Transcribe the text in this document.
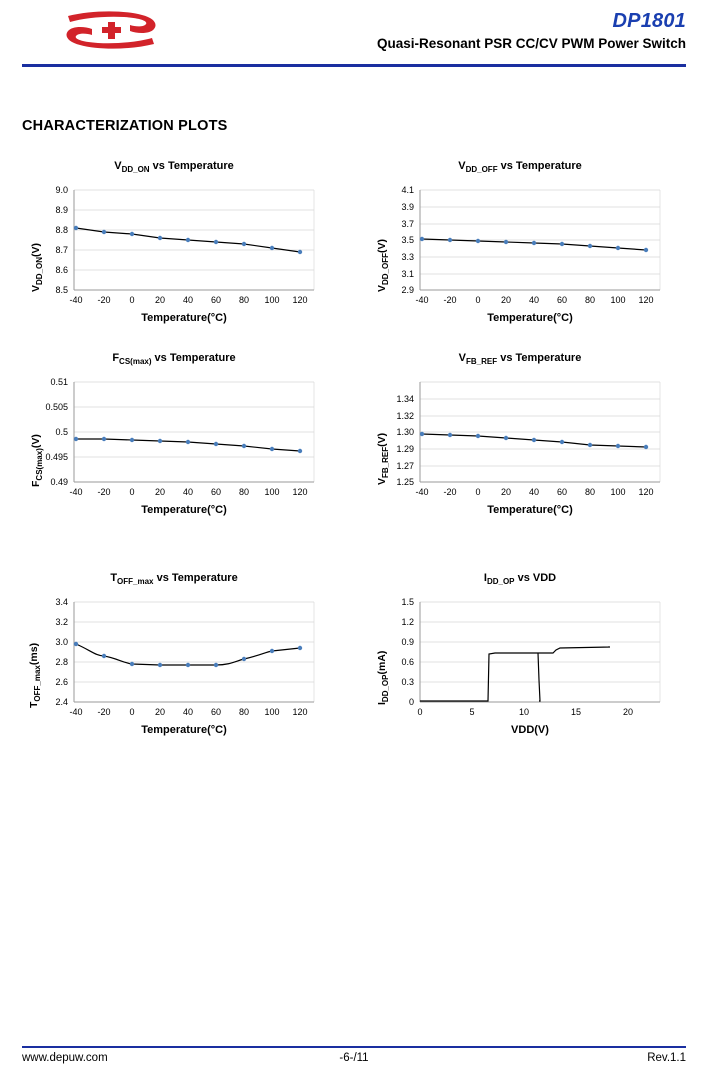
DP1801
Quasi-Resonant PSR CC/CV PWM Power Switch
CHARACTERIZATION PLOTS
$V_{DD\_ON}$ vs Temperature
$V_{DD\_ON}(V)$
8.5
8.6
8.7
8.8
8.9
9.0
-40 -20 0 20 40 60 80 100 120
Temperature(°C)
$V_{DD\_OFF}$ vs Temperature
$V_{DD\_OFF}(V)$
2.9
3.1
3.3
3.5
3.7
3.9
4.1
-40 -20 0 20 40 60 80 100 120
Temperature(°C)
$F_{CS(max)}$ vs Temperature
$F_{CS(max)}(V)$
0.49
0.495
0.5
0.505
0.51
-40 -20 0 20 40 60 80 100 120
Temperature(°C)
$V_{FB\_REF}$ vs Temperature
$V_{FB\_REF}(V)$
1.25
1.27
1.29
1.30
1.32
1.34
-40 -20 0 20 40 60 80 100 120
Temperature(°C)
$T_{OFF\_max}$ vs Temperature
$T_{OFF\_max}(ms)$
2.4
2.6
2.8
3.0
3.2
3.4
-40 -20 0 20 40 60 80 100 120
Temperature(°C)
$I_{DD\_OP}$ vs VDD
$I_{DD\_OP}(mA)$
0
0.3
0.6
0.9
1.2
1.5
0	5	10	15	20
VDD(V)
www.depuw.com	-6-/11	Rev.1.1
